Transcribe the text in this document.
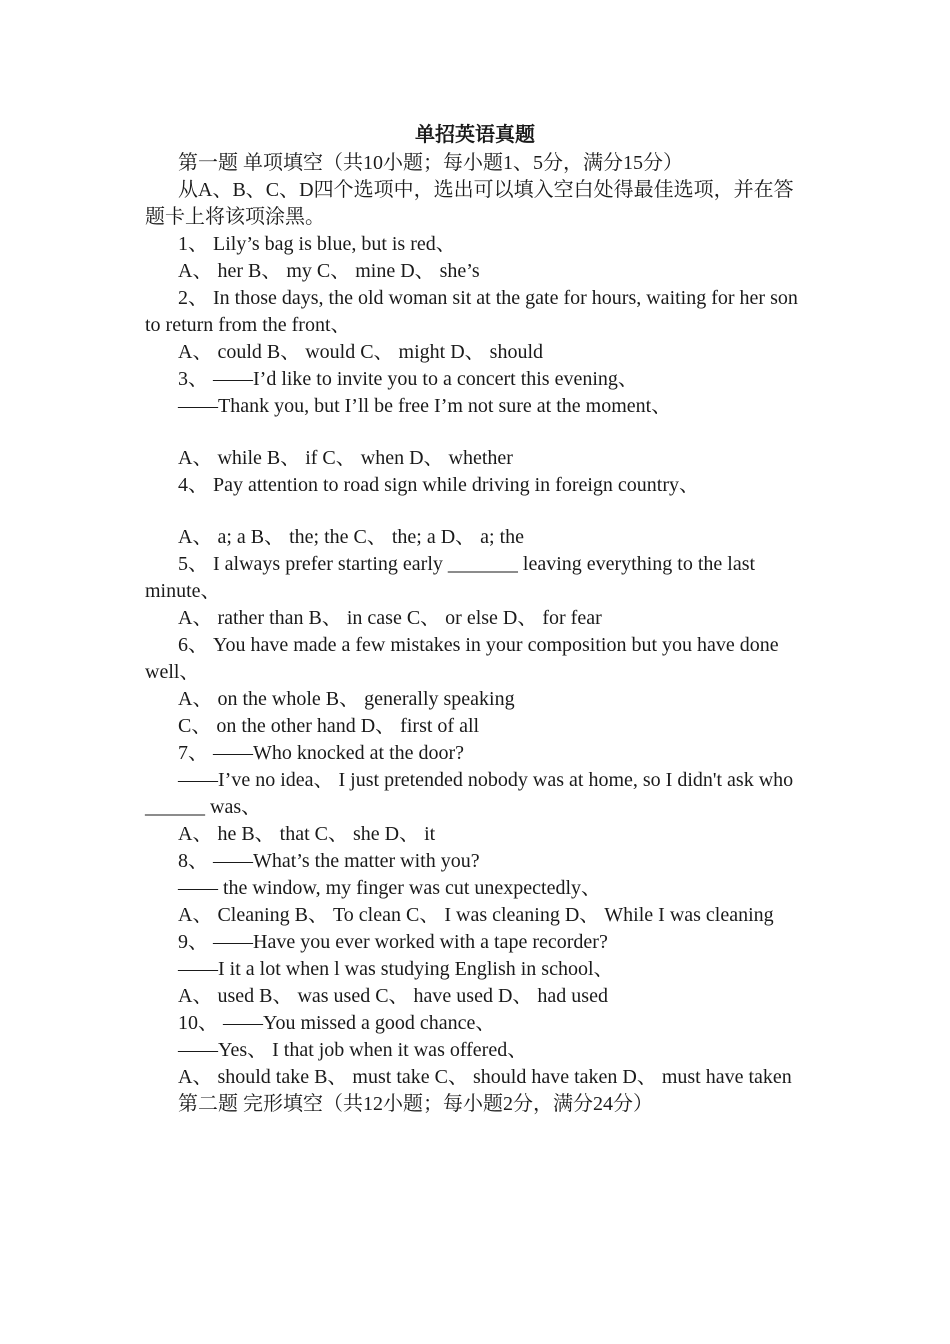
单招英语真题

第一题 单项填空（共10小题；每小题1、5分，满分15分）

从A、B、C、D四个选项中，选出可以填入空白处得最佳选项，并在答题卡上将该项涂黑。

1、 Lily’s bag is blue, but is red、

A、 her B、 my C、 mine D、 she’s

2、 In those days, the old woman sit at the gate for hours, waiting for her son to return from the front、

A、 could B、 would C、 might D、 should

3、 ——I’d like to invite you to a concert this evening、

——Thank you, but I’ll be free I’m not sure at the moment、

A、 while B、 if C、 when D、 whether

4、 Pay attention to road sign while driving in foreign country、

A、 a; a B、 the; the C、 the; a D、 a; the

5、 I always prefer starting early _______ leaving everything to the last minute、

A、 rather than B、 in case C、 or else D、 for fear

6、 You have made a few mistakes in your composition but you have done well、

A、 on the whole B、 generally speaking

C、 on the other hand D、 first of all

7、 ——Who knocked at the door?

——I’ve no idea、 I just pretended nobody was at home, so I didn't ask who ______ was、

A、 he B、 that C、 she D、 it

8、 ——What’s the matter with you?

—— the window, my finger was cut unexpectedly、

A、 Cleaning B、 To clean C、 I was cleaning D、 While I was cleaning

9、 ——Have you ever worked with a tape recorder?

——I it a lot when l was studying English in school、

A、 used B、 was used C、 have used D、 had used

10、 ——You missed a good chance、

——Yes、 I that job when it was offered、

A、 should take B、 must take C、 should have taken D、 must have taken

第二题 完形填空（共12小题；每小题2分，满分24分）
